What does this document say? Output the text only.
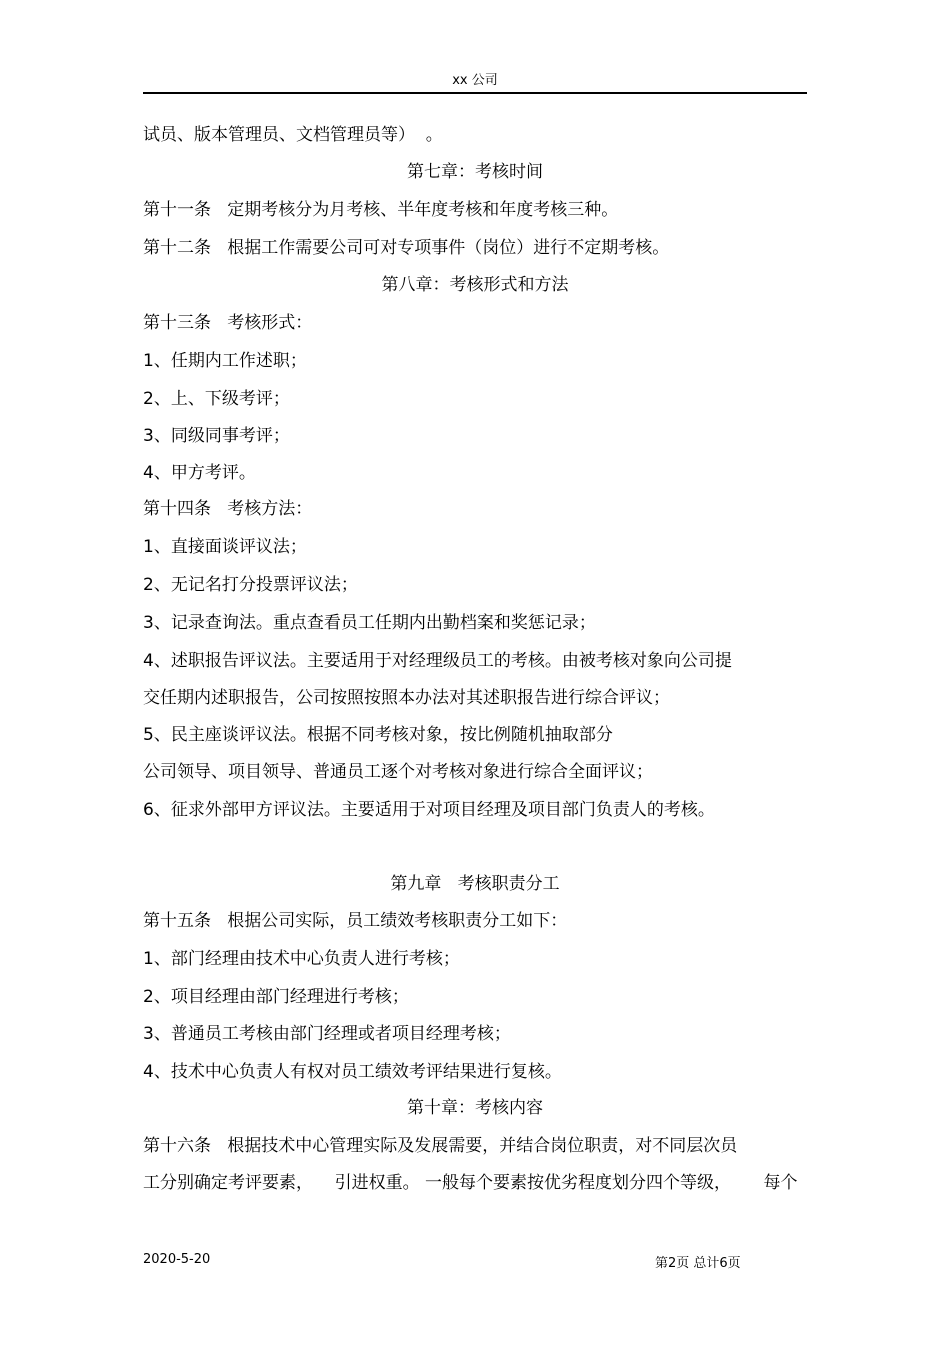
xx 公司
试员、版本管理员、文档管理员等）  。
第七章：考核时间
第十一条   定期考核分为月考核、半年度考核和年度考核三种。
第十二条   根据工作需要公司可对专项事件（岗位）进行不定期考核。
第八章：考核形式和方法
第十三条   考核形式：
1、任期内工作述职；
2、上、下级考评；
3、同级同事考评；
4、甲方考评。
第十四条   考核方法：
1、直接面谈评议法；
2、无记名打分投票评议法；
3、记录查询法。重点查看员工任期内出勤档案和奖惩记录；
4、述职报告评议法。主要适用于对经理级员工的考核。由被考核对象向公司提
交任期内述职报告，公司按照按照本办法对其述职报告进行综合评议；
5、民主座谈评议法。根据不同考核对象，按比例随机抽取部分
公司领导、项目领导、普通员工逐个对考核对象进行综合全面评议；
6、征求外部甲方评议法。主要适用于对项目经理及项目部门负责人的考核。
第九章   考核职责分工
第十五条   根据公司实际，员工绩效考核职责分工如下：
1、部门经理由技术中心负责人进行考核；
2、项目经理由部门经理进行考核；
3、普通员工考核由部门经理或者项目经理考核；
4、技术中心负责人有权对员工绩效考评结果进行复核。
第十章：考核内容
第十六条   根据技术中心管理实际及发展需要，并结合岗位职责，对不同层次员
工分别确定考评要素，    引进权重。 一般每个要素按优劣程度划分四个等级，      每个
2020-5-20	第2页 总计6页
